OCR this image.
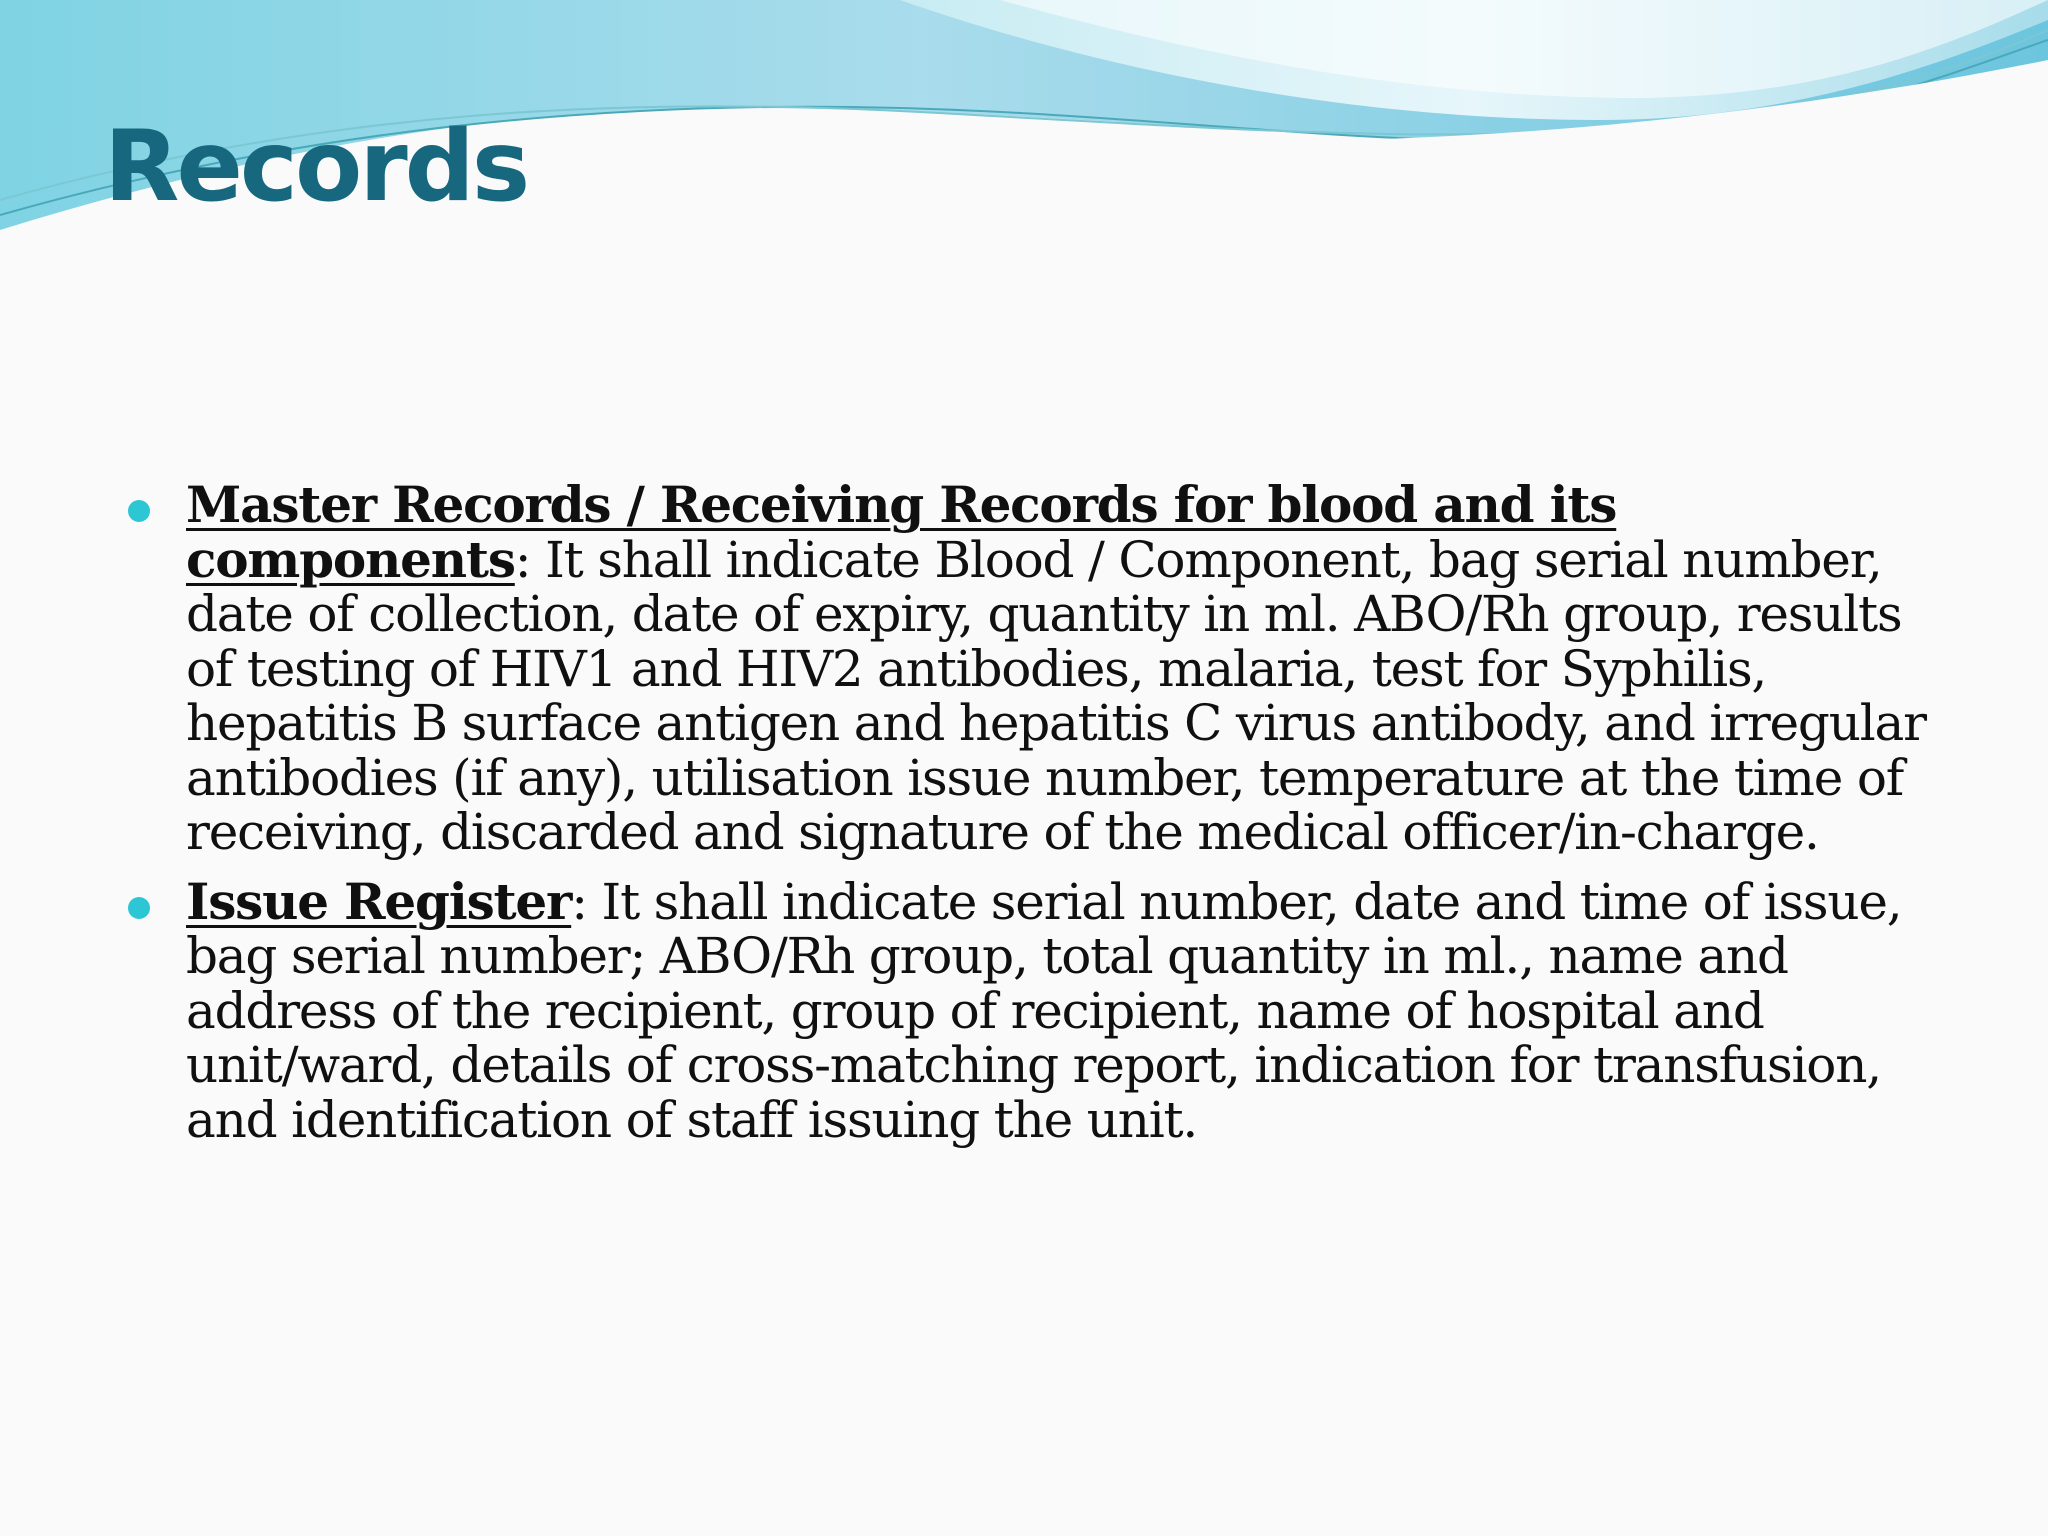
Records
Master Records / Receiving Records for blood and its components: It shall indicate Blood / Component, bag serial number, date of collection, date of expiry, quantity in ml. ABO/Rh group, results of testing of HIV1 and HIV2 antibodies, malaria, test for Syphilis, hepatitis B surface antigen and hepatitis C virus antibody, and irregular antibodies (if any), utilisation issue number, temperature at the time of receiving, discarded and signature of the medical officer/in-charge.
Issue Register: It shall indicate serial number, date and time of issue, bag serial number; ABO/Rh group, total quantity in ml., name and address of the recipient, group of recipient, name of hospital and unit/ward, details of cross-matching report, indication for transfusion, and identification of staff issuing the unit.
